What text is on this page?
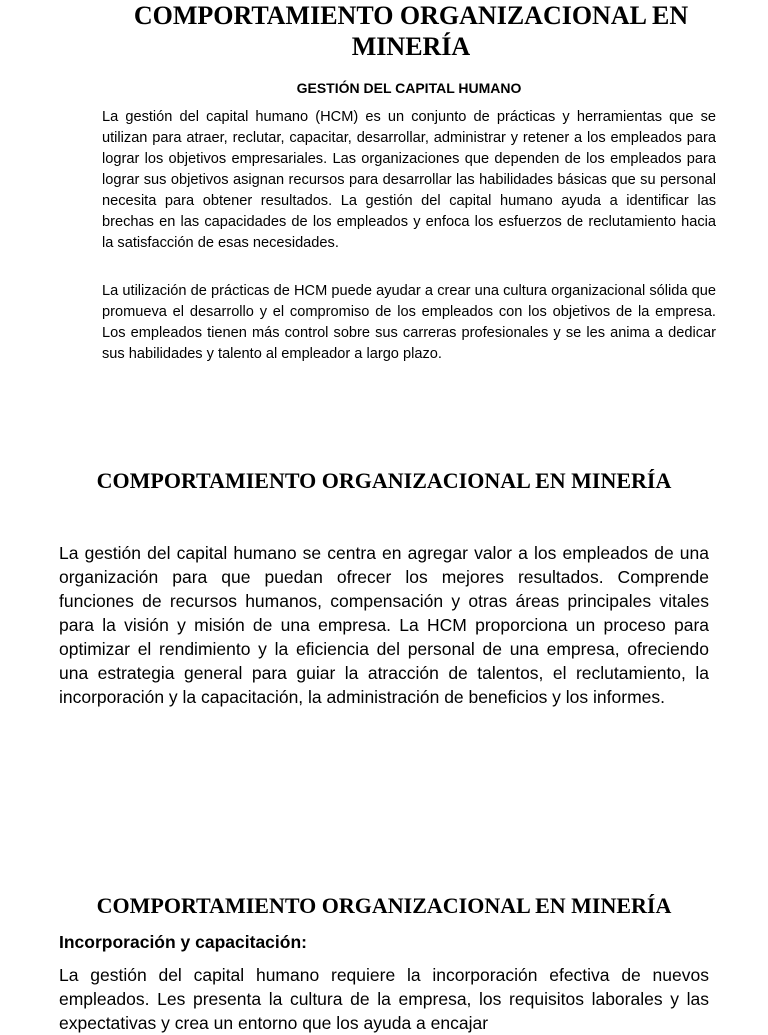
COMPORTAMIENTO ORGANIZACIONAL EN MINERÍA
GESTIÓN DEL CAPITAL HUMANO

La gestión del capital humano (HCM) es un conjunto de prácticas y herramientas que se utilizan para atraer, reclutar, capacitar, desarrollar, administrar y retener a los empleados para lograr los objetivos empresariales. Las organizaciones que dependen de los empleados para lograr sus objetivos asignan recursos para desarrollar las habilidades básicas que su personal necesita para obtener resultados. La gestión del capital humano ayuda a identificar las brechas en las capacidades de los empleados y enfoca los esfuerzos de reclutamiento hacia la satisfacción de esas necesidades.

La utilización de prácticas de HCM puede ayudar a crear una cultura organizacional sólida que promueva el desarrollo y el compromiso de los empleados con los objetivos de la empresa. Los empleados tienen más control sobre sus carreras profesionales y se les anima a dedicar sus habilidades y talento al empleador a largo plazo.

COMPORTAMIENTO ORGANIZACIONAL EN MINERÍA

La gestión del capital humano se centra en agregar valor a los empleados de una organización para que puedan ofrecer los mejores resultados. Comprende funciones de recursos humanos, compensación y otras áreas principales vitales para la visión y misión de una empresa. La HCM proporciona un proceso para optimizar el rendimiento y la eficiencia del personal de una empresa, ofreciendo una estrategia general para guiar la atracción de talentos, el reclutamiento, la incorporación y la capacitación, la administración de beneficios y los informes.

COMPORTAMIENTO ORGANIZACIONAL EN MINERÍA
Incorporación y capacitación:

La gestión del capital humano requiere la incorporación efectiva de nuevos empleados. Les presenta la cultura de la empresa, los requisitos laborales y las expectativas y crea un entorno que los ayuda a encajar
